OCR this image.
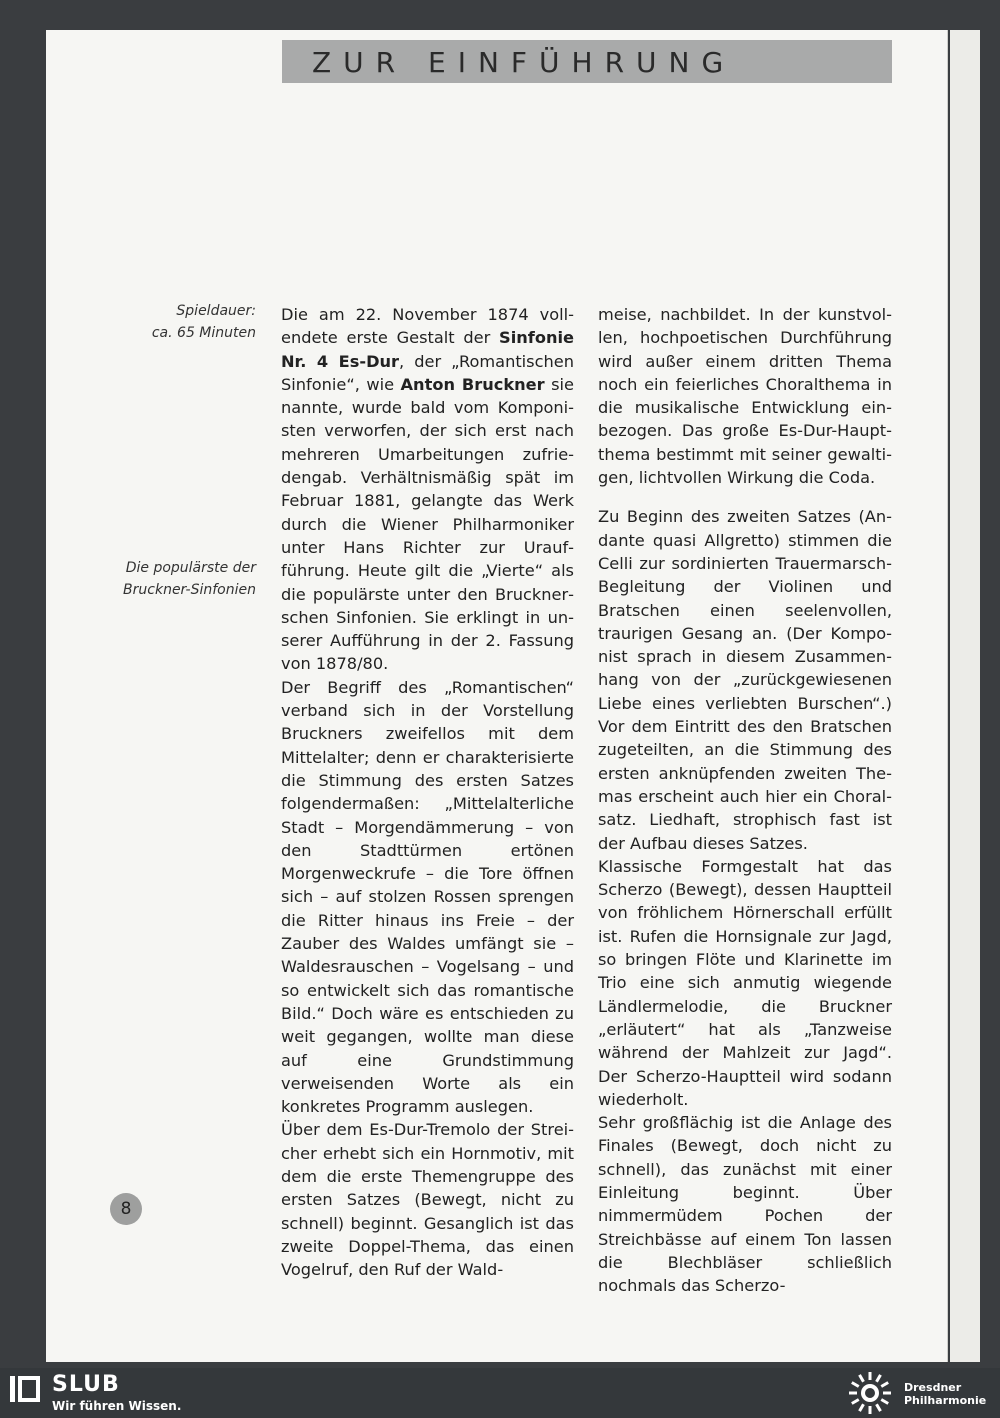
ZUR EINFÜHRUNG
Spieldauer:
ca. 65 Minuten
Die populärste der
Bruckner-Sinfonien

Die am 22. November 1874 vollendete erste Gestalt der Sinfonie Nr. 4 Es-Dur, der „Romantischen Sinfonie“, wie Anton Bruckner sie nannte, wurde bald vom Komponisten verworfen, der sich erst nach mehreren Umarbeitungen zufriedengab. Verhältnismäßig spät im Februar 1881, gelangte das Werk durch die Wiener Philharmoniker unter Hans Richter zur Uraufführung. Heute gilt die „Vierte“ als die populärste unter den Brucknerschen Sinfonien. Sie erklingt in unserer Aufführung in der 2. Fassung von 1878/80.

Der Begriff des „Romantischen“ verband sich in der Vorstellung Bruckners zweifellos mit dem Mittelalter; denn er charakterisierte die Stimmung des ersten Satzes folgendermaßen: „Mittelalterliche Stadt – Morgendämmerung – von den Stadttürmen ertönen Morgenweckrufe – die Tore öffnen sich – auf stolzen Rossen sprengen die Ritter hinaus ins Freie – der Zauber des Waldes umfängt sie – Waldesrauschen – Vogelsang – und so entwickelt sich das romantische Bild.“ Doch wäre es entschieden zu weit gegangen, wollte man diese auf eine Grundstimmung verweisenden Worte als ein konkretes Programm auslegen.

Über dem Es-Dur-Tremolo der Streicher erhebt sich ein Hornmotiv, mit dem die erste Themengruppe des ersten Satzes (Bewegt, nicht zu schnell) beginnt. Gesanglich ist das zweite Doppel-Thema, das einen Vogelruf, den Ruf der Wald-

meise, nachbildet. In der kunstvollen, hochpoetischen Durchführung wird außer einem dritten Thema noch ein feierliches Choralthema in die musikalische Entwicklung einbezogen. Das große Es-Dur-Hauptthema bestimmt mit seiner gewaltigen, lichtvollen Wirkung die Coda.

Zu Beginn des zweiten Satzes (Andante quasi Allgretto) stimmen die Celli zur sordinierten Trauermarsch-Begleitung der Violinen und Bratschen einen seelenvollen, traurigen Gesang an. (Der Komponist sprach in diesem Zusammenhang von der „zurückgewiesenen Liebe eines verliebten Burschen“.) Vor dem Eintritt des den Bratschen zugeteilten, an die Stimmung des ersten anknüpfenden zweiten Themas erscheint auch hier ein Choralsatz. Liedhaft, strophisch fast ist der Aufbau dieses Satzes.

Klassische Formgestalt hat das Scherzo (Bewegt), dessen Hauptteil von fröhlichem Hörnerschall erfüllt ist. Rufen die Hornsignale zur Jagd, so bringen Flöte und Klarinette im Trio eine sich anmutig wiegende Ländlermelodie, die Bruckner „erläutert“ hat als „Tanzweise während der Mahlzeit zur Jagd“. Der Scherzo-Hauptteil wird sodann wiederholt.

Sehr großflächig ist die Anlage des Finales (Bewegt, doch nicht zu schnell), das zunächst mit einer Einleitung beginnt. Über nimmermüdem Pochen der Streichbässe auf einem Ton lassen die Blechbläser schließlich nochmals das Scherzo-

8
SLUB
Wir führen Wissen.
Dresdner
Philharmonie
